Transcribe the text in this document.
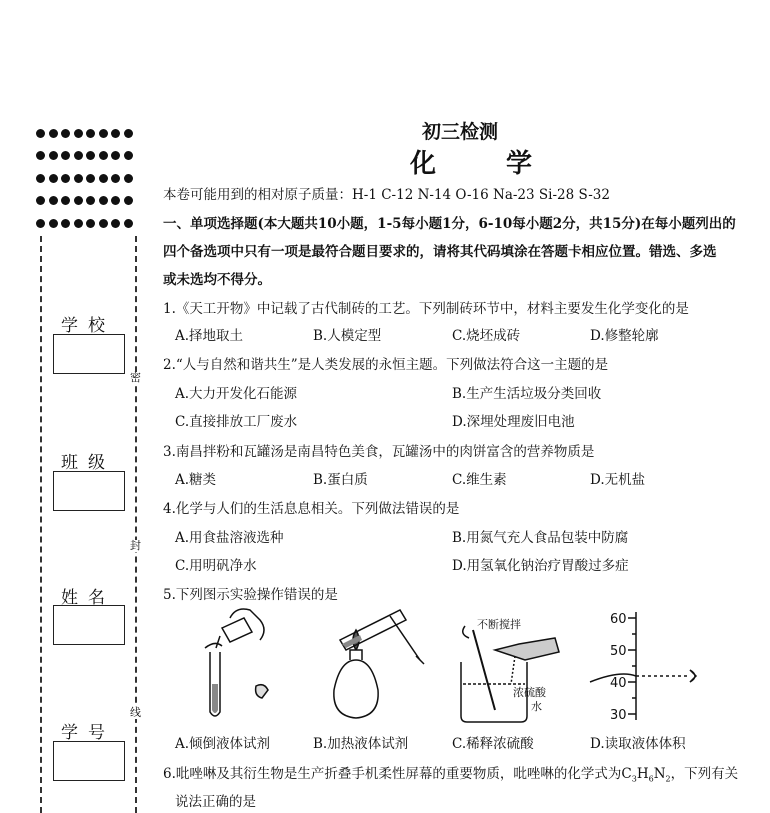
学校
班级
姓名
学号
密
封
线
初三检测
化　学
本卷可能用到的相对原子质量：H-1 C-12 N-14 O-16 Na-23 Si-28 S-32
一、单项选择题(本大题共10小题，1-5每小题1分，6-10每小题2分，共15分)在每小题列出的
四个备选项中只有一项是最符合题目要求的，请将其代码填涂在答题卡相应位置。错选、多选
或未选均不得分。
1.《天工开物》中记载了古代制砖的工艺。下列制砖环节中，材料主要发生化学变化的是
A.择地取土	B.人模定型	C.烧坯成砖	D.修整轮廓
2.“人与自然和谐共生”是人类发展的永恒主题。下列做法符合这一主题的是
A.大力开发化石能源	B.生产生活垃圾分类回收
C.直接排放工厂废水	D.深埋处理废旧电池
3.南昌拌粉和瓦罐汤是南昌特色美食，瓦罐汤中的肉饼富含的营养物质是
A.糖类	B.蛋白质	C.维生素	D.无机盐
4.化学与人们的生活息息相关。下列做法错误的是
A.用食盐溶液选种	B.用氮气充人食品包装中防腐
C.用明矾净水	D.用氢氧化钠治疗胃酸过多症
5.下列图示实验操作错误的是
不断搅拌
浓硫酸
水
60
50
40
30
A.倾倒液体试剂	B.加热液体试剂	C.稀释浓硫酸	D.读取液体体积
6.吡唑啉及其衍生物是生产折叠手机柔性屏幕的重要物质，吡唑啉的化学式为$C_3H_6N_2$，下列有关
说法正确的是
